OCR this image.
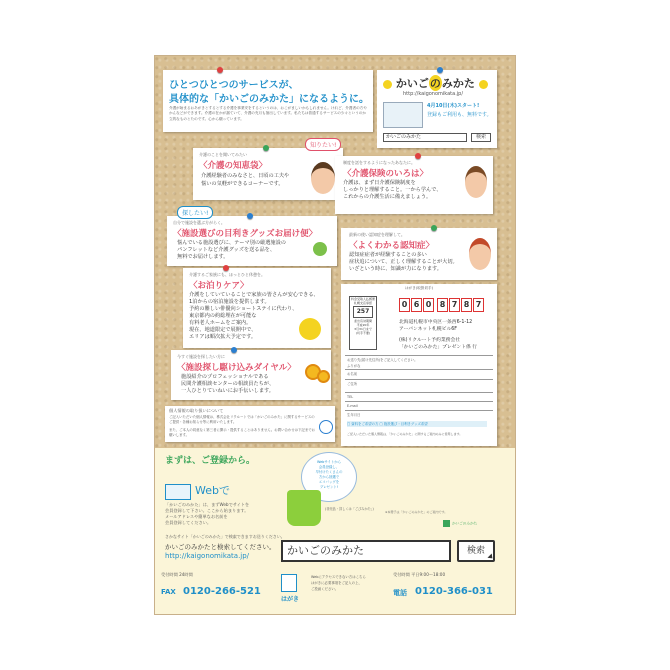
ひとつひとつのサービスが、
具体的な「かいごのみかた」になるように。
介護が始まるおあがきとするとする介護を事業安をするというのは、おこがましいかもしれません。けれど、介護者の方やかんなどができます。介護の在かが漏ていて、介護の充月も抽出しています。私たちは普通するサービスの少々というのか立的なものとたのです。心から願っています。
かいごのみかた
http://kaigonomikata.jp/
4月10日(木)スタート!
登録もご利用も、無料です。
かいごのみかた	検索
介護のことを聞いてみたい
〈介護の知恵袋〉
介護経験者のみなさと、日頃の工夫や
悩いの気軽ができるコーナーです。
知りたい!
制度を話をするようになったあなたに。
〈介護保険のいろは〉
介護は、まず日介護保険制度を
しっかりと理解すること。一から学んで、
これからの介護生活に備えましょう。
自分で施設を選ぶ方がらく。
〈施設選びの目利きグッズお届け便〉
悩んでいる施設選びに、テーマ別の厳選施設の
パンフレットなど介護グッズを送る品を、
無料でお届けします。
探したい!
最新の使い認知症を理解して。
〈よくわかる認知症〉
認知症症者が経験することの多い
症状追について、正しく理解することが大切。
いざという時に、知識が力になります。
介護するご家族にも、ほっとひと休憩を。
〈お泊りケア〉
介護をしていていることで家族の皆さんが安心できる、
1泊からの宿泊施設を提供します。
予約の難しい俳優向ショートステイに代わり、
東京都内の約総埋在が可能な
有料老人ホームをご案内。
現在、地道限定で展開中で、
エリアは順次拡大予定です。
今すぐ施設を探したい方に
〈施設探し駆け込みダイヤル〉
施設紹介のプロフェッショナルである
民間介護相談センターの相談員たちが、
一人ひとりていねいにお手伝いします。
個人情報の取り扱いについて
ご記入いただいた個人情報は、株式会社リクルートでは「かいごのみかた」に関するサービスのご提供・各種お知らせ等に利用いたします。
また、ご本人の同意なく第三者に開示・提供することはありません。お問い合わせは下記までお願いします。
はがき(取扱切手)
料金受取人払郵便
札幌支店承認
257
差出有効期間
平成20年
3月31日まで
(切手不要)
0 6 0	8 7 8 7
北海道札幌市中央区一条西6-1-12
アーバンネット札幌ビル6F
(株)リクルート予約業務会社
「かいごのみかた」プレゼント係 行
お送り先(届け先住所)をご記入してください。
ふりがな
お名前
ご住所
TEL
E-mail
生年月日
□ 資料をご希望の方 □ 施設選び・目利きグッズ希望
ご記入いただいた個人情報は、「かいごのみかた」に関するご案内のみに使用します。
まずは、ご登録から。	Webサイトから
会員登録し、
早付けたくさんの
方から抽選で
エコバッグを
プレゼント!
(非売品・詳しくは「ごびみかた」)
Webで
「かいごのみかた」は、まずWebでサイトを
会員登録して下さい。ここから始まります。
メールアドレスや簡単なお名前を
会員登録してください。
さかなサイト「かいごのみかた」で検索できますお送りください。
かいごのみかたと検索してください。
http://kaigonomikata.jp/	かいごのみかた	検索
かいごのみかた
※本冊子は「かいごのみかた」のご案内です。
受付時間 24時間
FAX 0120-266-521
はがき
Webにアクセスできない方はこちら
はがきに必要事項をご記入の上、
ご投函ください。
受付時間 平日9:00〜18:00
電話 0120-366-031
